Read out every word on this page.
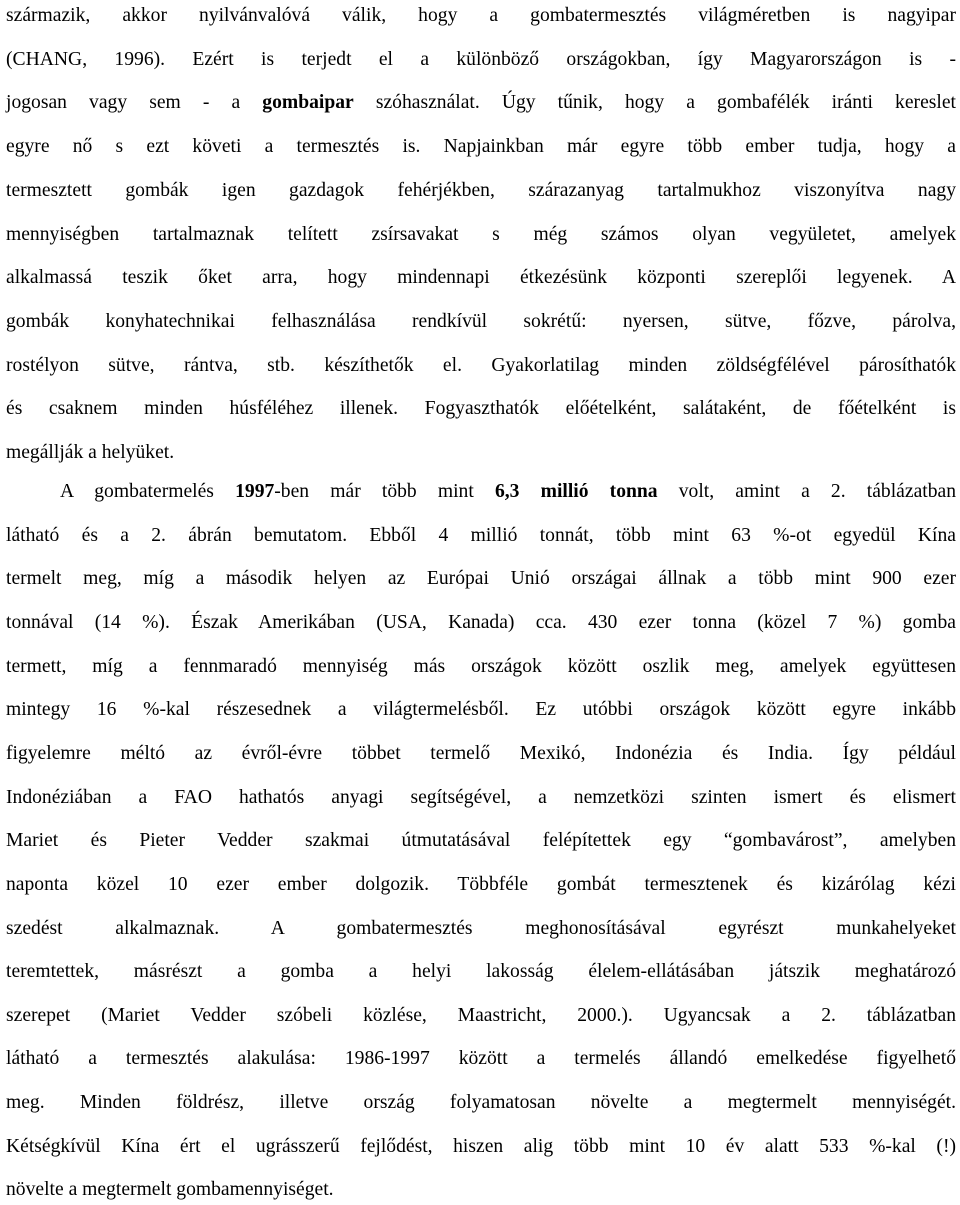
származik, akkor nyilvánvalóvá válik, hogy a gombatermesztés világméretben is nagyipar
(CHANG, 1996). Ezért is terjedt el a különböző országokban, így Magyarországon is -
jogosan vagy sem - a gombaipar szóhasználat. Úgy tűnik, hogy a gombafélék iránti kereslet
egyre nő s ezt követi a termesztés is. Napjainkban már egyre több ember tudja, hogy a
termesztett gombák igen gazdagok fehérjékben, szárazanyag tartalmukhoz viszonyítva nagy
mennyiségben tartalmaznak telített zsírsavakat s még számos olyan vegyületet, amelyek
alkalmassá teszik őket arra, hogy mindennapi étkezésünk központi szereplői legyenek. A
gombák konyhatechnikai felhasználása rendkívül sokrétű: nyersen, sütve, főzve, párolva,
rostélyon sütve, rántva, stb. készíthetők el. Gyakorlatilag minden zöldségfélével párosíthatók
és csaknem minden húsféléhez illenek. Fogyaszthatók előételként, salátaként, de főételként is
megállják a helyüket.
A gombatermelés 1997-ben már több mint 6,3 millió tonna volt, amint a 2. táblázatban
látható és a 2. ábrán bemutatom. Ebből 4 millió tonnát, több mint 63 %-ot egyedül Kína
termelt meg, míg a második helyen az Európai Unió országai állnak a több mint 900 ezer
tonnával (14 %). Észak Amerikában (USA, Kanada) cca. 430 ezer tonna (közel 7 %) gomba
termett, míg a fennmaradó mennyiség más országok között oszlik meg, amelyek együttesen
mintegy 16 %-kal részesednek a világtermelésből. Ez utóbbi országok között egyre inkább
figyelemre méltó az évről-évre többet termelő Mexikó, Indonézia és India. Így például
Indonéziában a FAO hathatós anyagi segítségével, a nemzetközi szinten ismert és elismert
Mariet és Pieter Vedder szakmai útmutatásával felépítettek egy “gombavárost”, amelyben
naponta közel 10 ezer ember dolgozik. Többféle gombát termesztenek és kizárólag kézi
szedést alkalmaznak. A gombatermesztés meghonosításával egyrészt munkahelyeket
teremtettek, másrészt a gomba a helyi lakosság élelem-ellátásában játszik meghatározó
szerepet (Mariet Vedder szóbeli közlése, Maastricht, 2000.). Ugyancsak a 2. táblázatban
látható a termesztés alakulása: 1986-1997 között a termelés állandó emelkedése figyelhető
meg. Minden földrész, illetve ország folyamatosan növelte a megtermelt mennyiségét.
Kétségkívül Kína ért el ugrásszerű fejlődést, hiszen alig több mint 10 év alatt 533 %-kal (!)
növelte a megtermelt gombamennyiséget.
